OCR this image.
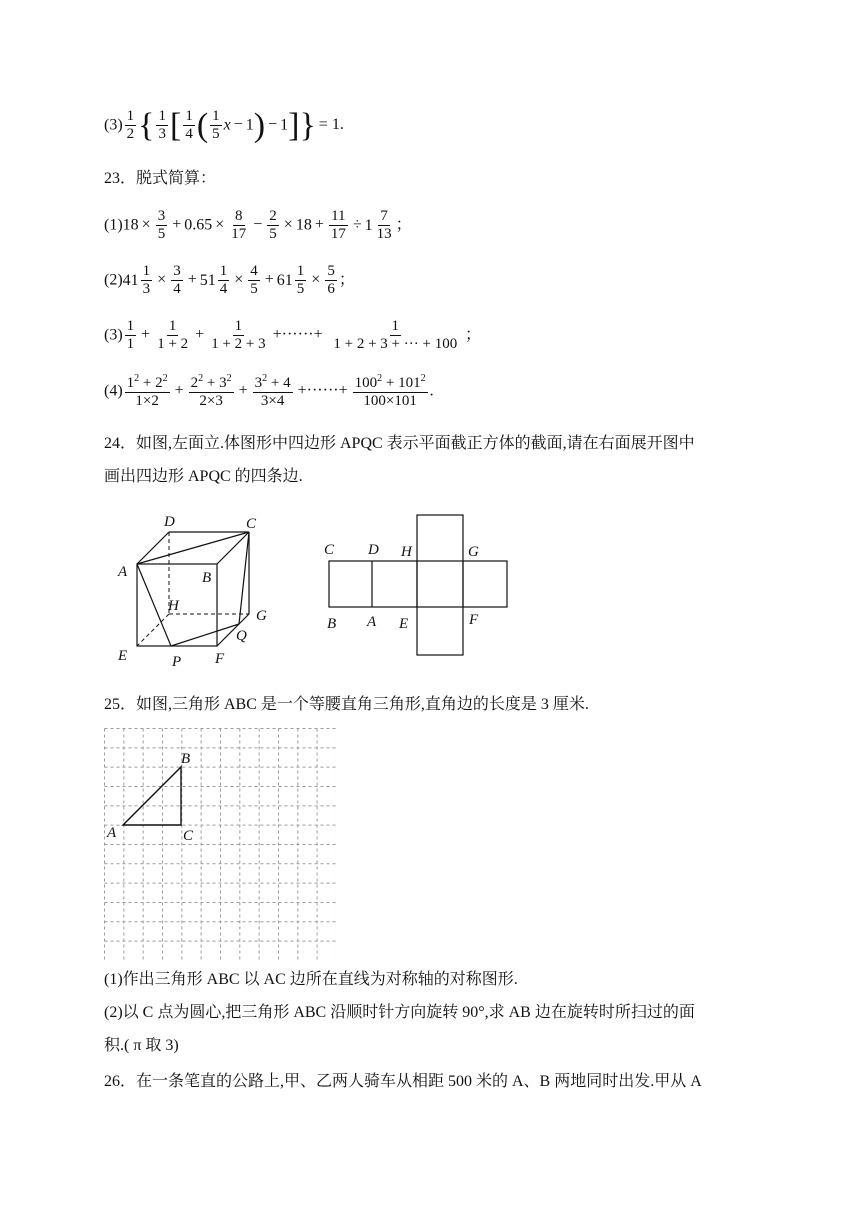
$(3) \frac{1}{2}$ { $\frac{1}{3}$ [ $\frac{1}{4}$ ( $\frac{1}{5}$ x − 1) − 1]} = 1.
23．脱式简算：
$(1)18 \times \frac{3}{5} + 0.65 \times \frac{8}{17} - \frac{2}{5} \times 18 + \frac{11}{17} \div 1 \frac{7}{13}$ ；
$(2)41 \frac{1}{3} \times \frac{3}{4} + 51 \frac{1}{4} \times \frac{4}{5} + 61 \frac{1}{5} \times \frac{5}{6}$ ；
$(3) \frac{1}{1} + \frac{1}{1 + 2} + \frac{1}{1 + 2 + 3}$ +······+ $\frac{1}{1 + 2 + 3 + \cdot\cdot\cdot + 100}$ ；
$(4) \frac{1^2 + 2^2}{1\times 2} + \frac{2^2 + 3^2}{2\times 3} + \frac{3^2 + 4}{3\times 4}$ +······+ $\frac{100^2 + 101^2}{100\times 101}$ .
24．如图,左面立.体图形中四边形 APQC 表示平面截正方体的截面,请在右面展开图中
画出四边形 APQC 的四条边.
D	C
A	B
H
G
Q
E	P F
C D H	G
B A E	F
25．如图,三角形 ABC 是一个等腰直角三角形,直角边的长度是 3 厘米.
B
A	C
(1)作出三角形 ABC 以 AC 边所在直线为对称轴的对称图形.
(2)以 C 点为圆心,把三角形 ABC 沿顺时针方向旋转 90°,求 AB 边在旋转时所扫过的面
积.( π 取 3)
26．在一条笔直的公路上,甲、乙两人骑车从相距 500 米的 A、B 两地同时出发.甲从 A
